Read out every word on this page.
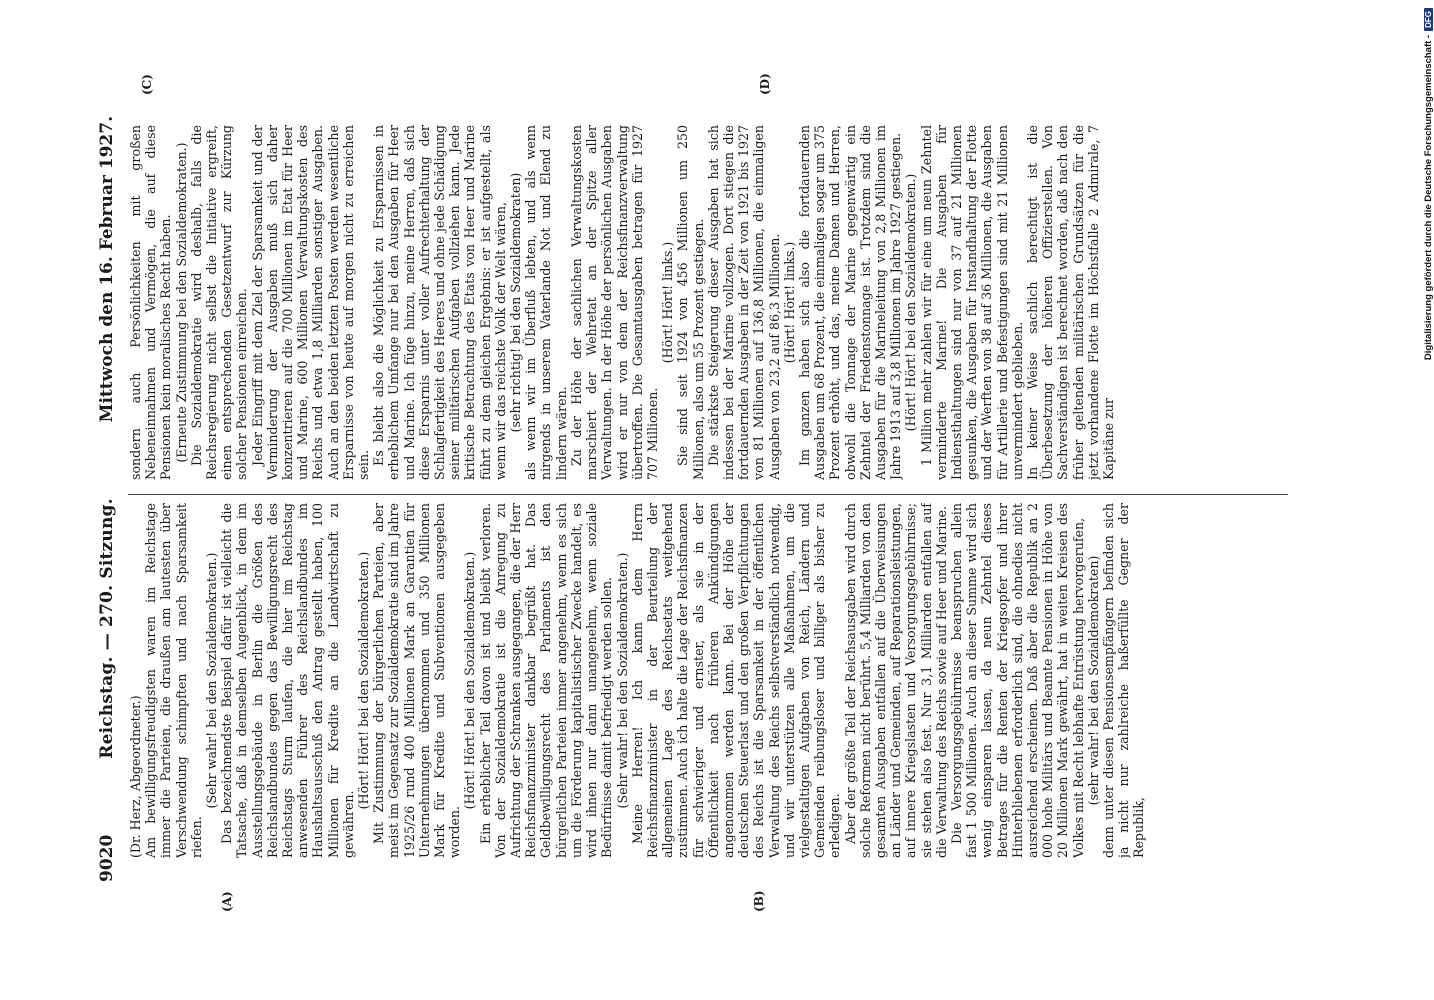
9020
Reichstag. — 270. Sitzung.
Mittwoch den 16. Februar 1927.
(A)	(B)
(C)	(D)

(Dr. Herz, Abgeordneter.) Am bewilligungsfreudigsten waren im Reichstage immer die Parteien, die draußen am lautesten über Verschwendung schimpften und nach Sparsamkeit riefen.

(Sehr wahr! bei den Sozialdemokraten.) Das bezeichnendste Beispiel dafür ist vielleicht die Tatsache, daß in demselben Augenblick, in dem im Ausstellungsgebäude in Berlin die Größen des Reichslandbundes gegen das Bewilligungsrecht des Reichstags Sturm laufen, die hier im Reichstag anwesenden Führer des Reichslandbundes im Haushaltsausschuß den Antrag gestellt haben, 100 Millionen für Kredite an die Landwirtschaft zu gewähren.

(Hört! Hört! bei den Sozialdemokraten.) Mit Zustimmung der bürgerlichen Parteien, aber meist im Gegensatz zur Sozialdemokratie sind im Jahre 1925/26 rund 400 Millionen Mark an Garantien für Unternehmungen übernommen und 350 Millionen Mark für Kredite und Subventionen ausgegeben worden.

(Hört! Hört! bei den Sozialdemokraten.) Ein erheblicher Teil davon ist und bleibt verloren. Von der Sozialdemokratie ist die Anregung zu Aufrichtung der Schranken ausgegangen, die der Herr Reichsfinanzminister dankbar begrüßt hat. Das Geldbewilligungsrecht des Parlaments ist den bürgerlichen Parteien immer angenehm, wenn es sich um die Förderung kapitalistischer Zwecke handelt, es wird ihnen nur dann unangenehm, wenn soziale Bedürfnisse damit befriedigt werden sollen. (Sehr wahr! bei den Sozialdemokraten.) Meine Herren! Ich kann dem Herrn Reichsfinanzminister in der Beurteilung der allgemeinen Lage des Reichsetats weitgehend zustimmen. Auch ich halte die Lage der Reichsfinanzen für schwieriger und ernster, als sie in der Öffentlichkeit nach früheren Ankündigungen angenommen werden kann. Bei der Höhe der deutschen Steuerlast und den großen Verpflichtungen des Reichs ist die Sparsamkeit in der öffentlichen Verwaltung des Reichs selbstverständlich notwendig, und wir unterstützen alle Maßnahmen, um die vielgestaltigen Aufgaben von Reich, Ländern und Gemeinden reibungsloser und billiger als bisher zu erledigen. Aber der größte Teil der Reichsausgaben wird durch solche Reformen nicht berührt. 5,4 Milliarden von den gesamten Ausgaben entfallen auf die Überweisungen an Länder und Gemeinden, auf Reparationsleistungen, auf innere Kriegslasten und Versorgungsgebührnisse; sie stehen also fest. Nur 3,1 Milliarden entfallen auf die Verwaltung des Reichs sowie auf Heer und Marine. Die Versorgungsgebührnisse beanspruchen allein fast 1 500 Millionen. Auch an dieser Summe wird sich wenig einsparen lassen, da neun Zehntel dieses Betrages für die Renten der Kriegsopfer und ihrer Hinterbliebenen erforderlich sind, die ohnedies nicht ausreichend erscheinen. Daß aber die Republik an 2 000 hohe Militärs und Beamte Pensionen in Höhe von 20 Millionen Mark gewährt, hat in weiten Kreisen des Volkes mit Recht lebhafte Entrüstung hervorgerufen, (sehr wahr! bei den Sozialdemokraten) denn unter diesen Pensionsempfängern befinden sich ja nicht nur zahlreiche haßerfüllte Gegner der Republik,

sondern auch Persönlichkeiten mit großen Nebeneinnahmen und Vermögen, die auf diese Pensionen kein moralisches Recht haben. (Erneute Zustimmung bei den Sozialdemokraten.) Die Sozialdemokratie wird deshalb, falls die Reichsregierung nicht selbst die Initiative ergreift, einen entsprechenden Gesetzentwurf zur Kürzung solcher Pensionen einreichen. Jeder Eingriff mit dem Ziel der Sparsamkeit und der Verminderung der Ausgaben muß sich daher konzentrieren auf die 700 Millionen im Etat für Heer und Marine, 600 Millionen Verwaltungskosten des Reichs und etwa 1,8 Milliarden sonstiger Ausgaben. Auch an den beiden letzten Posten werden wesentliche Ersparnisse von heute auf morgen nicht zu erreichen sein. Es bleibt also die Möglichkeit zu Ersparnissen in erheblichem Umfange nur bei den Ausgaben für Heer und Marine. Ich füge hinzu, meine Herren, daß sich diese Ersparnis unter voller Aufrechterhaltung der Schlagfertigkeit des Heeres und ohne jede Schädigung seiner militärischen Aufgaben vollziehen kann. Jede kritische Betrachtung des Etats von Heer und Marine führt zu dem gleichen Ergebnis: er ist aufgestellt, als wenn wir das reichste Volk der Welt wären, (sehr richtig! bei den Sozialdemokraten) als wenn wir im Überfluß lebten, und als wenn nirgends in unserem Vaterlande Not und Elend zu lindern wären. Zu der Höhe der sachlichen Verwaltungskosten marschiert der Wehretat an der Spitze aller Verwaltungen. In der Höhe der persönlichen Ausgaben wird er nur von dem der Reichsfinanzverwaltung übertroffen. Die Gesamtausgaben betragen für 1927 707 Millionen.

(Hört! Hört! links.) Sie sind seit 1924 von 456 Millionen um 250 Millionen, also um 55 Prozent gestiegen. Die stärkste Steigerung dieser Ausgaben hat sich indessen bei der Marine vollzogen. Dort stiegen die fortdauernden Ausgaben in der Zeit von 1921 bis 1927 von 81 Millionen auf 136,8 Millionen, die einmaligen Ausgaben von 23,2 auf 86,3 Millionen. (Hört! Hört! links.) Im ganzen haben sich also die fortdauernden Ausgaben um 68 Prozent, die einmaligen sogar um 375 Prozent erhöht, und das, meine Damen und Herren, obwohl die Tonnage der Marine gegenwärtig ein Zehntel der Friedenstonnage ist. Trotzdem sind die Ausgaben für die Marineleitung von 2,8 Millionen im Jahre 1913 auf 3,8 Millionen im Jahre 1927 gestiegen. (Hört! Hört! bei den Sozialdemokraten.) 1 Million mehr zahlen wir für eine um neun Zehntel verminderte Marine! Die Ausgaben für Indiensthaltungen sind nur von 37 auf 21 Millionen gesunken, die Ausgaben für Instandhaltung der Flotte und der Werften von 38 auf 36 Millionen, die Ausgaben für Artillerie und Befestigungen sind mit 21 Millionen unvermindert geblieben. In keiner Weise sachlich berechtigt ist die Überbesetzung der höheren Offizierstellen. Von Sachverständigen ist berechnet worden, daß nach den früher geltenden militärischen Grundsätzen für die jetzt vorhandene Flotte im Höchstfalle 2 Admirale, 7 Kapitäne zur

Digitalisierung gefördert durch die Deutsche Forschungsgemeinschaft -
DFG
